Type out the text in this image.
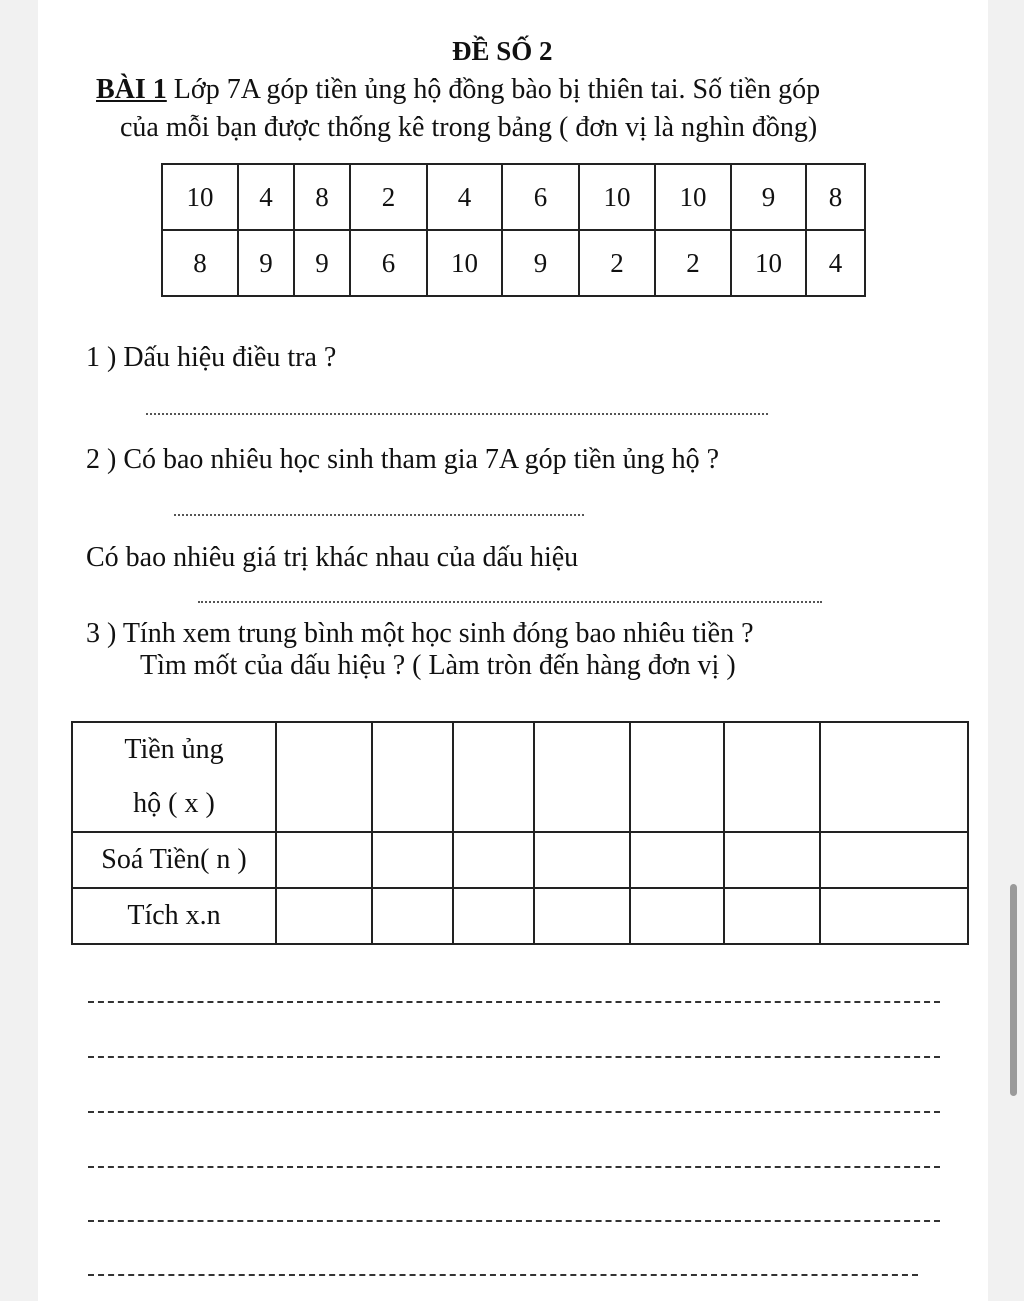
ĐỀ SỐ 2
BÀI 1 Lớp 7A góp tiền ủng hộ đồng bào bị thiên tai. Số tiền góp
của mỗi bạn được thống kê trong bảng ( đơn vị là nghìn đồng)
10	4	8	2	4	6	10	10	9	8
8	9	9	6	10	9	2	2	10	4
1 ) Dấu hiệu điều tra ?
2 ) Có bao nhiêu học sinh tham gia 7A góp tiền ủng hộ ?
Có bao nhiêu giá trị khác nhau của dấu hiệu
3 ) Tính xem trung bình một học sinh đóng bao nhiêu tiền ?
Tìm mốt của dấu hiệu ? ( Làm tròn đến hàng đơn vị )
Tiền ủng
hộ ( x )							

Soá Tiền( n )							
Tích x.n							
